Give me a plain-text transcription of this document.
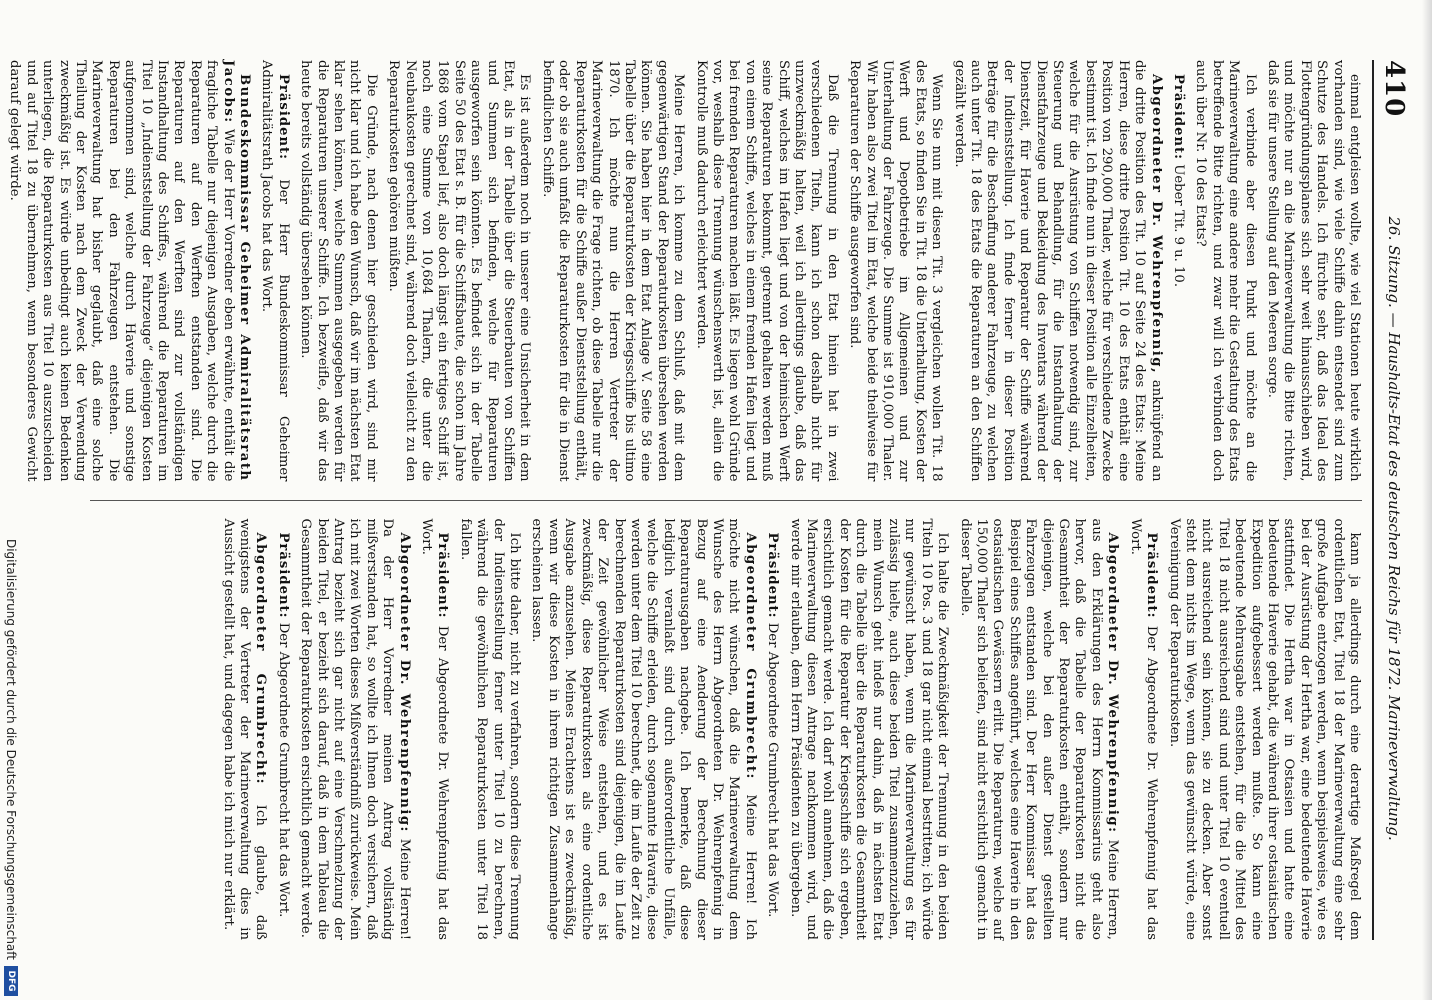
410
26. Sitzung. — Haushalts-Etat des deutschen Reichs für 1872. Marineverwaltung.

einmal entgleisen wollte, wie viel Stationen heute wirklich vorhanden sind, wie viele Schiffe dahin entsendet sind zum Schutze des Handels. Ich fürchte sehr, daß das Ideal des Flottengründungsplanes sich sehr weit hinausschieben wird, und möchte nur an die Marineverwaltung die Bitte richten, daß sie für unsere Stellung auf den Meeren sorge.

Ich verbinde aber diesen Punkt und möchte an die Marineverwaltung eine andere mehr die Gestaltung des Etats betreffende Bitte richten, und zwar will ich verbinden doch auch über Nr. 10 des Etats?

Präsident: Ueber Tit. 9 u. 10.

Abgeordneter Dr. Wehrenpfennig, anknüpfend an die dritte Position des Tit. 10 auf Seite 24 des Etats: Meine Herren, diese dritte Position Tit. 10 des Etats enthält eine Position von 290,000 Thaler, welche für verschiedene Zwecke bestimmt ist. Ich finde nun in dieser Position alle Einzelheiten, welche für die Ausrüstung von Schiffen notwendig sind, zur Steuerung und Behandlung, für die Instandhaltung der Dienstfahrzeuge und Bekleidung des Inventars während der Dienstzeit, für Haverie und Reparatur der Schiffe während der Indienststellung. Ich finde ferner in dieser Position Beträge für die Beschaffung anderer Fahrzeuge, zu welchen auch unter Tit. 18 des Etats die Reparaturen an den Schiffen gezählt werden.

Wenn Sie nun mit diesen Tit. 3 vergleichen wollen Tit. 18 des Etats, so finden Sie in Tit. 18 die Unterhaltung, Kosten der Werft und Depotbetriebe im Allgemeinen und zur Unterhaltung der Fahrzeuge. Die Summe ist 910,000 Thaler. Wir haben also zwei Titel im Etat, welche beide theilweise für Reparaturen der Schiffe ausgeworfen sind.

Daß die Trennung in den Etat hinein hat in zwei verschiedenen Titeln, kann ich schon deshalb nicht für unzweckmäßig halten, weil ich allerdings glaube, daß das Schiff, welches im Hafen liegt und von der heimischen Werft seine Reparaturen bekommt, getrennt gehalten werden muß von einem Schiffe, welches in einem fremden Hafen liegt und bei fremden Reparaturen machen läßt. Es liegen wohl Gründe vor, weshalb diese Trennung wünschenswerth ist, allein die Kontrolle muß dadurch erleichtert werden.

Meine Herren, ich komme zu dem Schluß, daß mit dem gegenwärtigen Stand der Reparaturkosten übersehen werden können. Sie haben hier in dem Etat Anlage V. Seite 58 eine Tabelle über die Reparaturkosten der Kriegsschiffe bis ultimo 1870. Ich möchte nun die Herren Vertreter der Marineverwaltung die Frage richten, ob diese Tabelle nur die Reparaturkosten für die Schiffe außer Dienststellung enthält, oder ob sie auch umfaßt die Reparaturkosten für die in Dienst befindlichen Schiffe.

Es ist außerdem noch in unserer eine Unsicherheit in dem Etat, als in der Tabelle über die Steuerbauten von Schiffen und Summen sich befinden, welche für Reparaturen ausgeworfen sein könnten. Es befindet sich in der Tabelle Seite 50 des Etat s. B. für die Schiffsbaute, die schon im Jahre 1868 vom Stapel lief, also doch längst ein fertiges Schiff ist, noch eine Summe von 10,684 Thalern, die unter die Neubaukosten gerechnet sind, während doch vielleicht zu den Reparaturkosten gehören müßten.

Die Gründe, nach denen hier geschieden wird, sind mir nicht klar und ich habe den Wunsch, daß wir im nächsten Etat klar sehen können, welche Summen ausgegeben werden für die Reparaturen unserer Schiffe. Ich bezweifle, daß wir das heute bereits vollständig übersehen können.

Präsident: Der Herr Bundeskommissar Geheimer Admiralitätsrath Jacobs hat das Wort.

Bundeskommissar Geheimer Admiralitätsrath Jacobs: Wie der Herr Vorredner eben erwähnte, enthält die fragliche Tabelle nur diejenigen Ausgaben, welche durch die Reparaturen auf den Werften entstanden sind. Die Reparaturen auf den Werften sind zur vollständigen Instandhaltung des Schiffes, während die Reparaturen im Titel 10 „Indienststellung der Fahrzeuge“ diejenigen Kosten aufgenommen sind, welche durch Haverie und sonstige Reparaturen bei den Fahrzeugen entstehen. Die Marineverwaltung hat bisher geglaubt, daß eine solche Theilung der Kosten nach dem Zweck der Verwendung zweckmäßig ist. Es würde unbedingt auch keinen Bedenken unterliegen, die Reparaturkosten aus Titel 10 auszuscheiden und auf Titel 18 zu übernehmen, wenn besonderes Gewicht darauf gelegt würde.

kann ja allerdings durch eine derartige Maßregel dem ordentlichen Etat, Titel 18 der Marineverwaltung eine sehr große Aufgabe entzogen werden, wenn beispielsweise, wie es bei der Ausrüstung der Hertha war, eine bedeutende Haverie stattfindet. Die Hertha war in Ostasien und hatte eine bedeutende Haverie gehabt, die während ihrer ostasiatischen Expedition aufgebessert werden mußte. So kann eine bedeutende Mehrausgabe entstehen, für die die Mittel des Titel 18 nicht ausreichend sind und unter Titel 10 eventuell nicht ausreichend sein können, sie zu decken. Aber sonst steht dem nichts im Wege, wenn das gewünscht würde, eine Vereinigung der Reparaturkosten.

Präsident: Der Abgeordnete Dr. Wehrenpfennig hat das Wort.

Abgeordneter Dr. Wehrenpfennig: Meine Herren, aus den Erklärungen des Herrn Kommissarius geht also hervor, daß die Tabelle der Reparaturkosten nicht die Gesammtheit der Reparaturkosten enthält, sondern nur diejenigen, welche bei den außer Dienst gestellten Fahrzeugen entstanden sind. Der Herr Kommissar hat das Beispiel eines Schiffes angeführt, welches eine Haverie in den ostasiatischen Gewässern erlitt. Die Reparaturen, welche auf 150,000 Thaler sich beliefen, sind nicht ersichtlich gemacht in dieser Tabelle.

Ich halte die Zweckmäßigkeit der Trennung in den beiden Titeln 10 Pos. 3 und 18 gar nicht einmal bestritten; ich würde nur gewünscht haben, wenn die Marineverwaltung es für zulässig hielte, auch diese beiden Titel zusammenzuziehen, mein Wunsch geht indeß nur dahin, daß in nächsten Etat durch die Tabelle über die Reparaturkosten die Gesammtheit der Kosten für die Reparatur der Kriegsschiffe sich ergeben, ersichtlich gemacht werde. Ich darf wohl annehmen, daß die Marineverwaltung diesen Antrage nachkommen wird, und werde mir erlauben, dem Herrn Präsidenten zu übergeben.

Präsident: Der Abgeordnete Grumbrecht hat das Wort.

Abgeordneter Grumbrecht: Meine Herren! Ich möchte nicht wünschen, daß die Marineverwaltung dem Wunsche des Herrn Abgeordneten Dr. Wehrenpfennig in Bezug auf eine Aenderung der Berechnung dieser Reparaturausgaben nachgebe. Ich bemerke, daß diese lediglich veranlaßt sind durch außerordentliche Unfälle, welche die Schiffe erleiden, durch sogenannte Havarie, diese werden unter dem Titel 10 berechnet, die im Laufe der Zeit zu berechnenden Reparaturkosten sind diejenigen, die im Laufe der Zeit gewöhnlicher Weise entstehen, und es ist zweckmäßig, diese Reparaturkosten als eine ordentliche Ausgabe anzusehen. Meines Erachtens ist es zweckmäßig, wenn wir diese Kosten in ihrem richtigen Zusammenhange erscheinen lassen.

Ich bitte daher, nicht zu verfahren, sondern diese Trennung der Indienststellung ferner unter Titel 10 zu berechnen, während die gewöhnlichen Reparaturkosten unter Titel 18 fallen.

Präsident: Der Abgeordnete Dr. Wehrenpfennig hat das Wort.

Abgeordneter Dr. Wehrenpfennig: Meine Herren! Da der Herr Vorredner meinen Antrag vollständig mißverstanden hat, so wollte ich Ihnen doch versichern, daß ich mit zwei Worten dieses Mißverständniß zurückweise. Mein Antrag bezieht sich gar nicht auf eine Verschmelzung der beiden Titel, er bezieht sich darauf, daß in dem Tableau die Gesammtheit der Reparaturkosten ersichtlich gemacht werde.

Präsident: Der Abgeordnete Grumbrecht hat das Wort.

Abgeordneter Grumbrecht: Ich glaube, daß wenigstens der Vertreter der Marineverwaltung dies in Aussicht gestellt hat, und dagegen habe ich mich nur erklärt.

Digitalisierung gefördert durch die Deutsche Forschungsgemeinschaft
DFG
